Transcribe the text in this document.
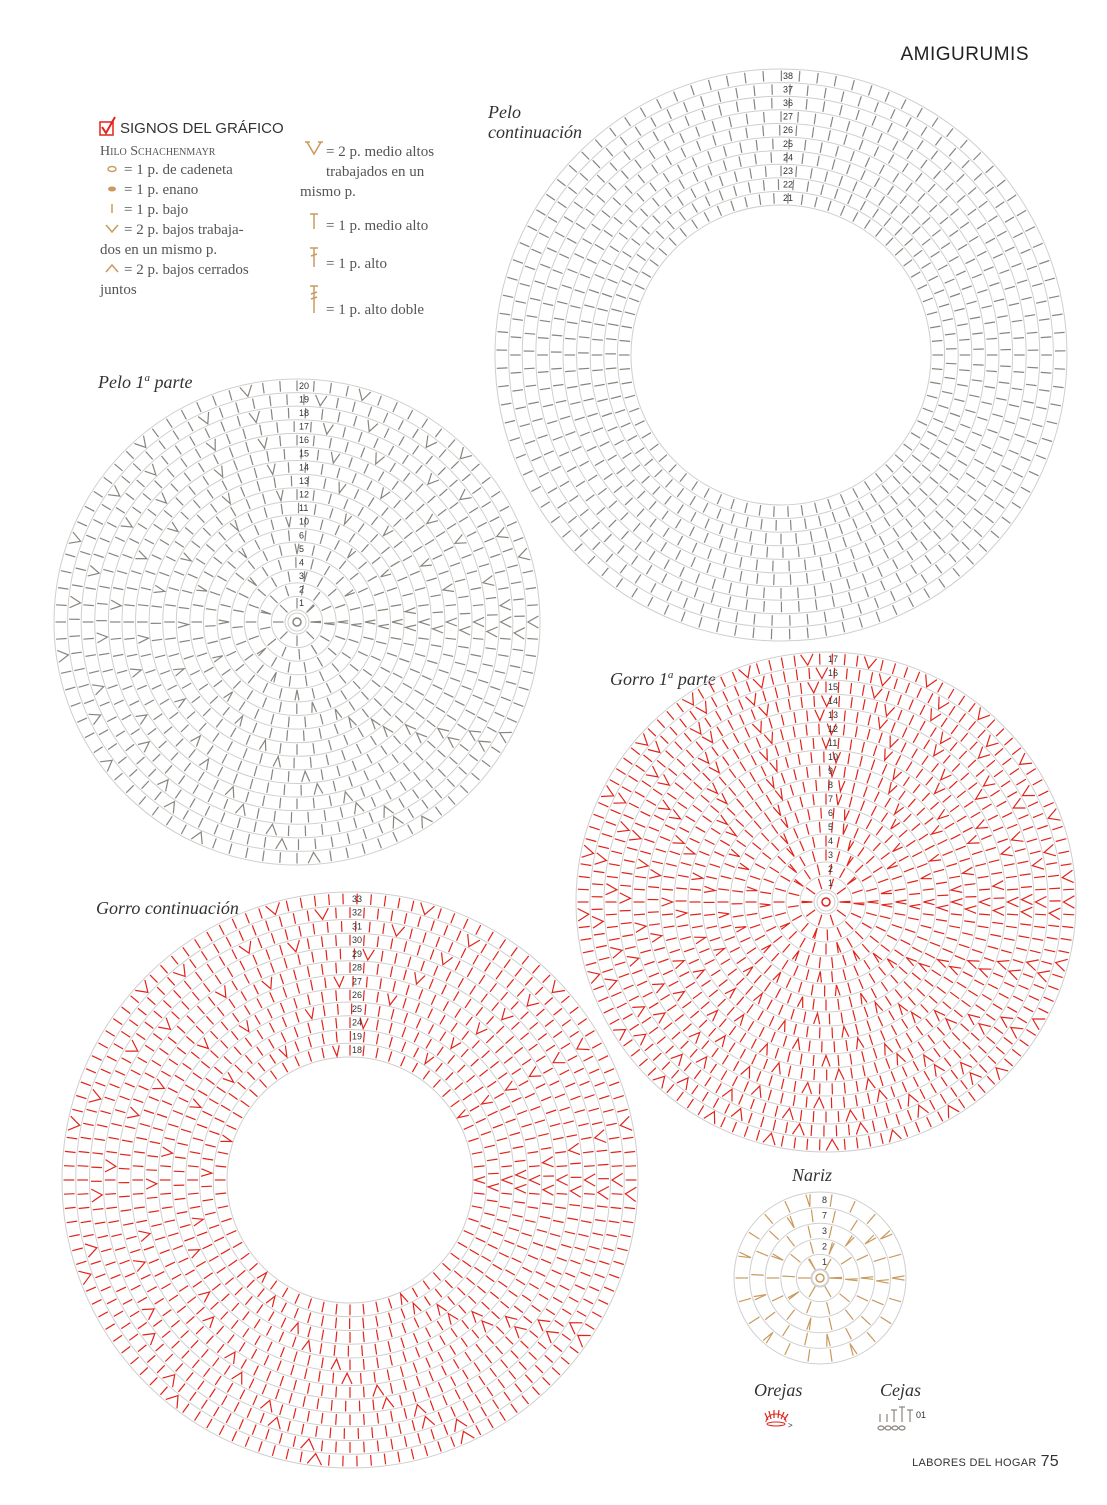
AMIGURUMIS
SIGNOS DEL GRÁFICO
Hilo Schachenmayr
= 1 p. de cadeneta
= 1 p. enano
= 1 p. bajo
= 2 p. bajos trabaja-
dos en un mismo p.
= 2 p. bajos cerrados
juntos
= 2 p. medio altos
trabajados en un
mismo p.
= 1 p. medio alto
= 1 p. alto
= 1 p. alto doble
Pelo
continuación
Pelo 1$^a$ parte
Gorro 1$^a$ parte
Gorro continuación
Nariz
Orejas	Cejas
38
37
36
27
26
25
24
23
22
21
20
19
18
17
16
15
14
13
12
11
10
6
5
4
3
2
1
17
16
15
14
13
12
11
10
9
8
7
6
5
4
3
2
1
33
32
31
30
29
28
27
26
25
24
19
18
8
7
3
2
1
>
01
LABORES DEL HOGAR 75
